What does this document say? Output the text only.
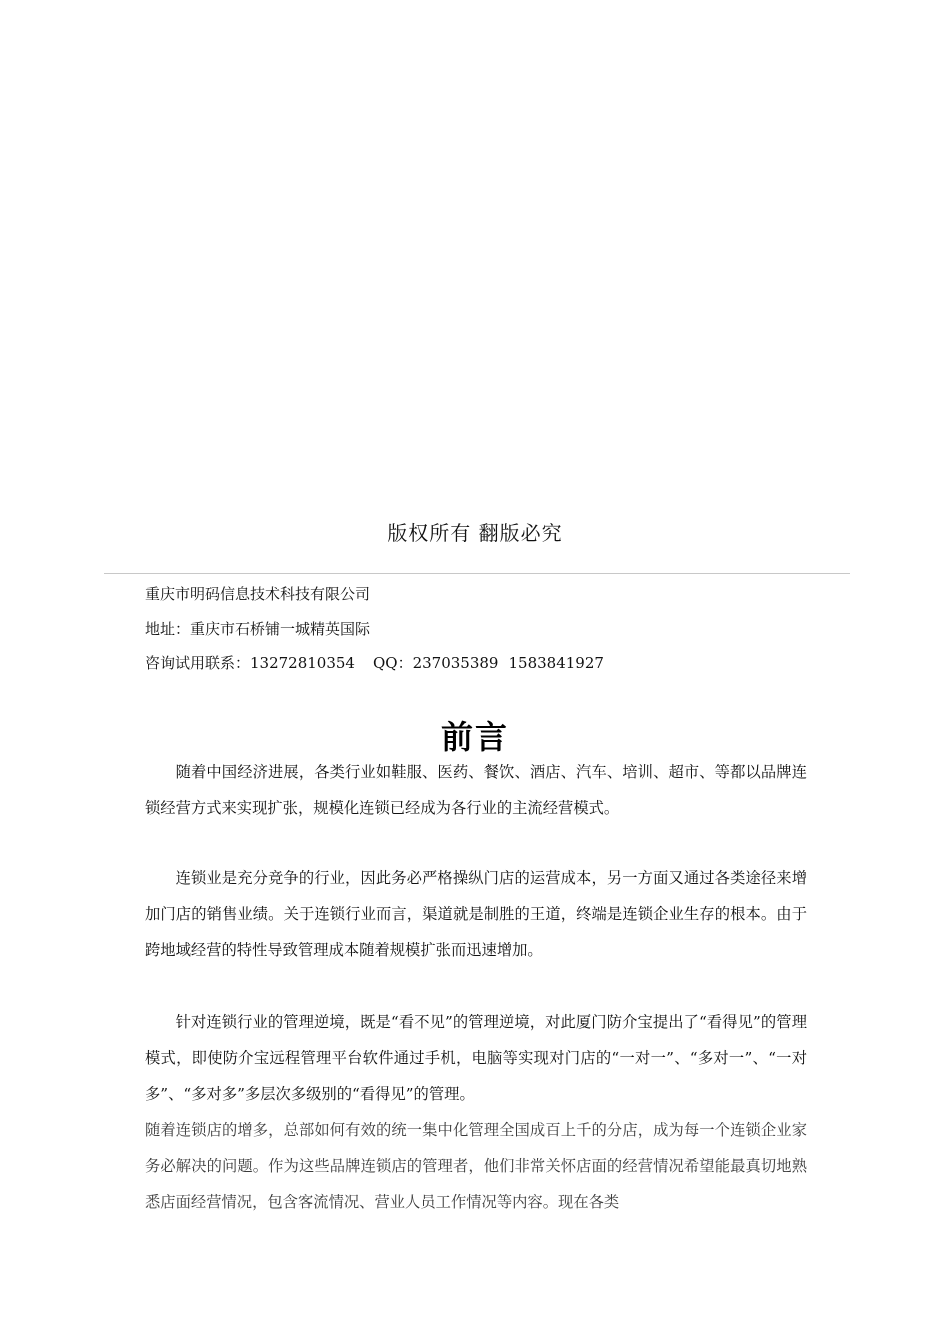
版权所有 翻版必究
重庆市明码信息技术科技有限公司
地址：重庆市石桥铺一城精英国际
咨询试用联系：13272810354 QQ：237035389 1583841927
前言
随着中国经济进展，各类行业如鞋服、医药、餐饮、酒店、汽车、培训、超市、等都以品牌连锁经营方式来实现扩张，规模化连锁已经成为各行业的主流经营模式。
连锁业是充分竞争的行业，因此务必严格操纵门店的运营成本，另一方面又通过各类途径来增加门店的销售业绩。关于连锁行业而言，渠道就是制胜的王道，终端是连锁企业生存的根本。由于跨地域经营的特性导致管理成本随着规模扩张而迅速增加。
针对连锁行业的管理逆境，既是“看不见”的管理逆境，对此厦门防介宝提出了“看得见”的管理模式，即使防介宝远程管理平台软件通过手机，电脑等实现对门店的“一对一”、“多对一”、“一对多”、“多对多”多层次多级别的“看得见”的管理。
随着连锁店的增多，总部如何有效的统一集中化管理全国成百上千的分店，成为每一个连锁企业家务必解决的问题。作为这些品牌连锁店的管理者，他们非常关怀店面的经营情况希望能最真切地熟悉店面经营情况，包含客流情况、营业人员工作情况等内容。现在各类
